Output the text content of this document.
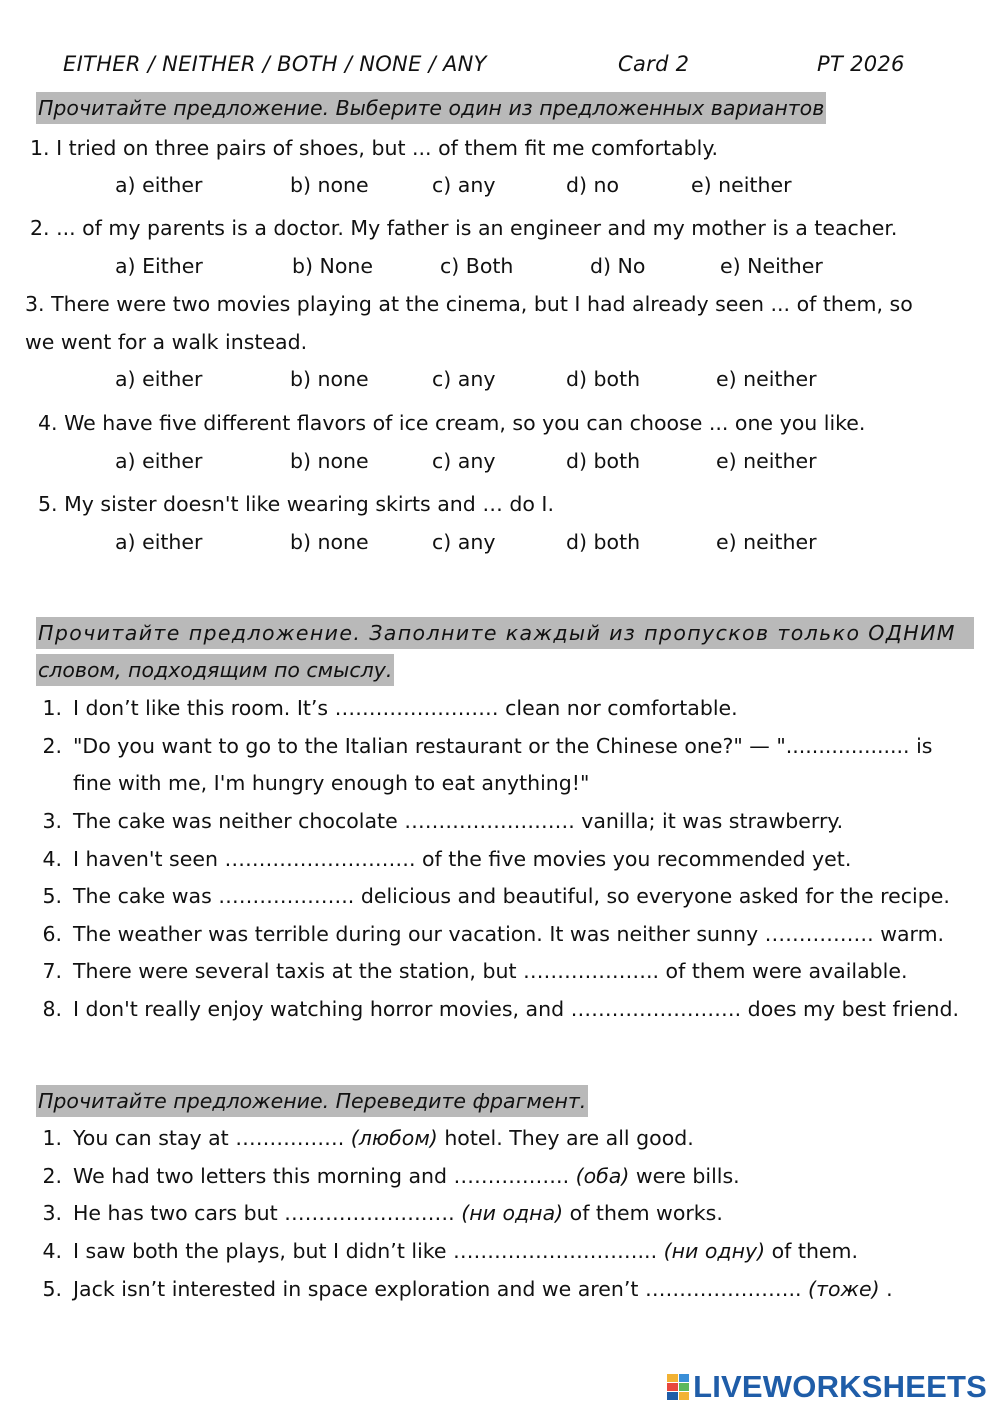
EITHER / NEITHER / BOTH / NONE / ANY	Card 2	PT 2026
Прочитайте предложение. Выберите один из предложенных вариантов
1. I tried on three pairs of shoes, but ... of them fit me comfortably.
a) either	b) none	c) any	d) no	e) neither
2. ... of my parents is a doctor. My father is an engineer and my mother is a teacher.
a) Either	b) None	c) Both	d) No	e) Neither
3. There were two movies playing at the cinema, but I had already seen ... of them, so
we went for a walk instead.
a) either	b) none	c) any	d) both	e) neither
4. We have five different flavors of ice cream, so you can choose ... one you like.
a) either	b) none	c) any	d) both	e) neither
5. My sister doesn't like wearing skirts and … do I.
a) either	b) none	c) any	d) both	e) neither
Прочитайте предложение. Заполните каждый из пропусков только ОДНИМ
словом, подходящим по смыслу.
1. I don’t like this room. It’s …………………… clean nor comfortable.
2. "Do you want to go to the Italian restaurant or the Chinese one?" — "................... is
fine with me, I'm hungry enough to eat anything!"
3. The cake was neither chocolate ……………………. vanilla; it was strawberry.
4. I haven't seen ………………………. of the five movies you recommended yet.
5. The cake was ……………….. delicious and beautiful, so everyone asked for the recipe.
6. The weather was terrible during our vacation. It was neither sunny ……………. warm.
7. There were several taxis at the station, but ……………….. of them were available.
8. I don't really enjoy watching horror movies, and ……………………. does my best friend.
Прочитайте предложение. Переведите фрагмент.
1. You can stay at ……………. (любом) hotel. They are all good.
2. We had two letters this morning and …………….. (оба) were bills.
3. He has two cars but ……………………. (ни одна) of them works.
4. I saw both the plays, but I didn’t like ………………………... (ни одну) of them.
5. Jack isn’t interested in space exploration and we aren’t ………………….. (тоже) .
LIVEWORKSHEETS
